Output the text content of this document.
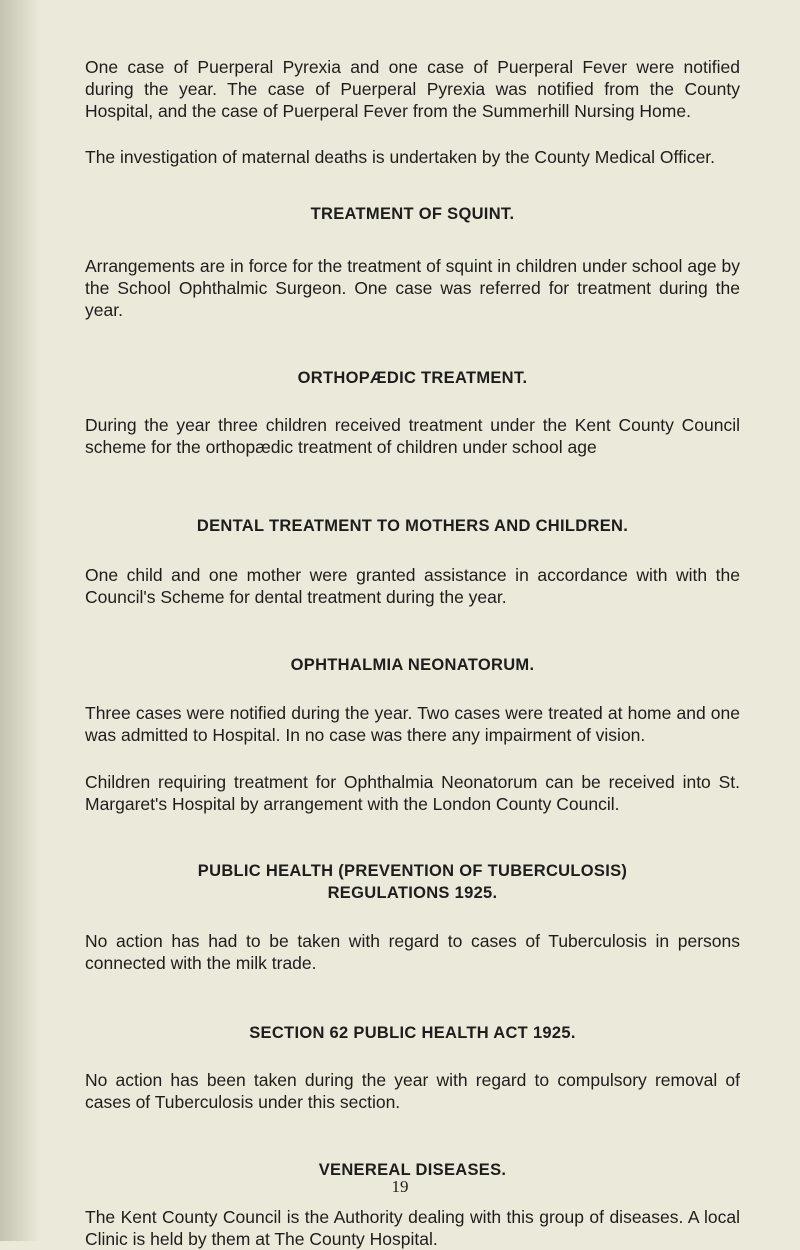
One case of Puerperal Pyrexia and one case of Puerperal Fever were notified during the year. The case of Puerperal Pyrexia was notified from the County Hospital, and the case of Puerperal Fever from the Summerhill Nursing Home.

The investigation of maternal deaths is undertaken by the County Medical Officer.

TREATMENT OF SQUINT.

Arrangements are in force for the treatment of squint in children under school age by the School Ophthalmic Surgeon. One case was referred for treatment during the year.

ORTHOPÆDIC TREATMENT.

During the year three children received treatment under the Kent County Council scheme for the orthopædic treatment of children under school age

DENTAL TREATMENT TO MOTHERS AND CHILDREN.

One child and one mother were granted assistance in accordance with with the Council's Scheme for dental treatment during the year.

OPHTHALMIA NEONATORUM.

Three cases were notified during the year. Two cases were treated at home and one was admitted to Hospital. In no case was there any impairment of vision.

Children requiring treatment for Ophthalmia Neonatorum can be received into St. Margaret's Hospital by arrangement with the London County Council.

PUBLIC HEALTH (PREVENTION OF TUBERCULOSIS)
REGULATIONS 1925.

No action has had to be taken with regard to cases of Tuberculosis in persons connected with the milk trade.

SECTION 62 PUBLIC HEALTH ACT 1925.

No action has been taken during the year with regard to compulsory removal of cases of Tuberculosis under this section.

VENEREAL DISEASES.

The Kent County Council is the Authority dealing with this group of diseases. A local Clinic is held by them at The County Hospital.

19
